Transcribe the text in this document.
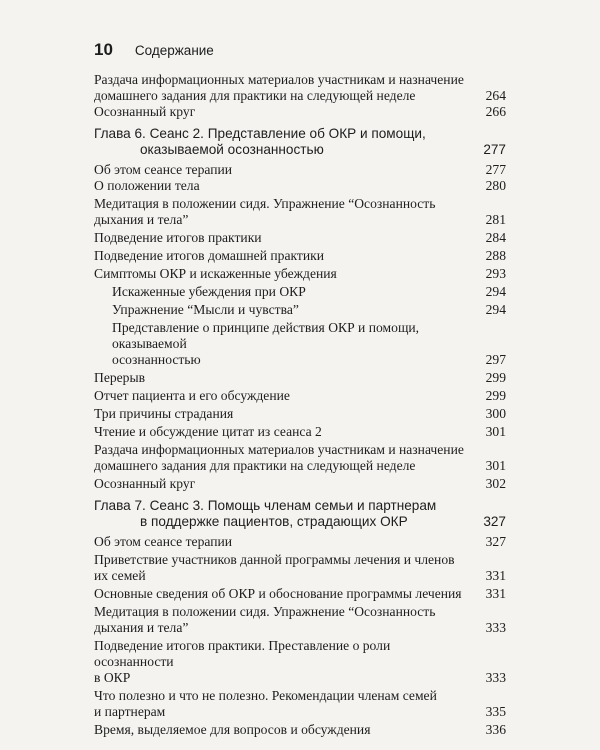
10 Содержание
Раздача информационных материалов участникам и назначение
домашнего задания для практики на следующей неделе	264
Осознанный круг	266
Глава 6. Сеанс 2. Представление об ОКР и помощи,
оказываемой осознанностью	277
Об этом сеансе терапии	277
О положении тела	280
Медитация в положении сидя. Упражнение “Осознанность
дыхания и тела”	281
Подведение итогов практики	284
Подведение итогов домашней практики	288
Симптомы ОКР и искаженные убеждения	293
Искаженные убеждения при ОКР	294
Упражнение “Мысли и чувства”	294
Представление о принципе действия ОКР и помощи, оказываемой
осознанностью	297
Перерыв	299
Отчет пациента и его обсуждение	299
Три причины страдания	300
Чтение и обсуждение цитат из сеанса 2	301
Раздача информационных материалов участникам и назначение
домашнего задания для практики на следующей неделе	301
Осознанный круг	302
Глава 7. Сеанс 3. Помощь членам семьи и партнерам
в поддержке пациентов, страдающих ОКР	327
Об этом сеансе терапии	327
Приветствие участников данной программы лечения и членов
их семей	331
Основные сведения об ОКР и обоснование программы лечения	331
Медитация в положении сидя. Упражнение “Осознанность
дыхания и тела”	333
Подведение итогов практики. Преставление о роли осознанности
в ОКР	333
Что полезно и что не полезно. Рекомендации членам семей
и партнерам	335
Время, выделяемое для вопросов и обсуждения	336
